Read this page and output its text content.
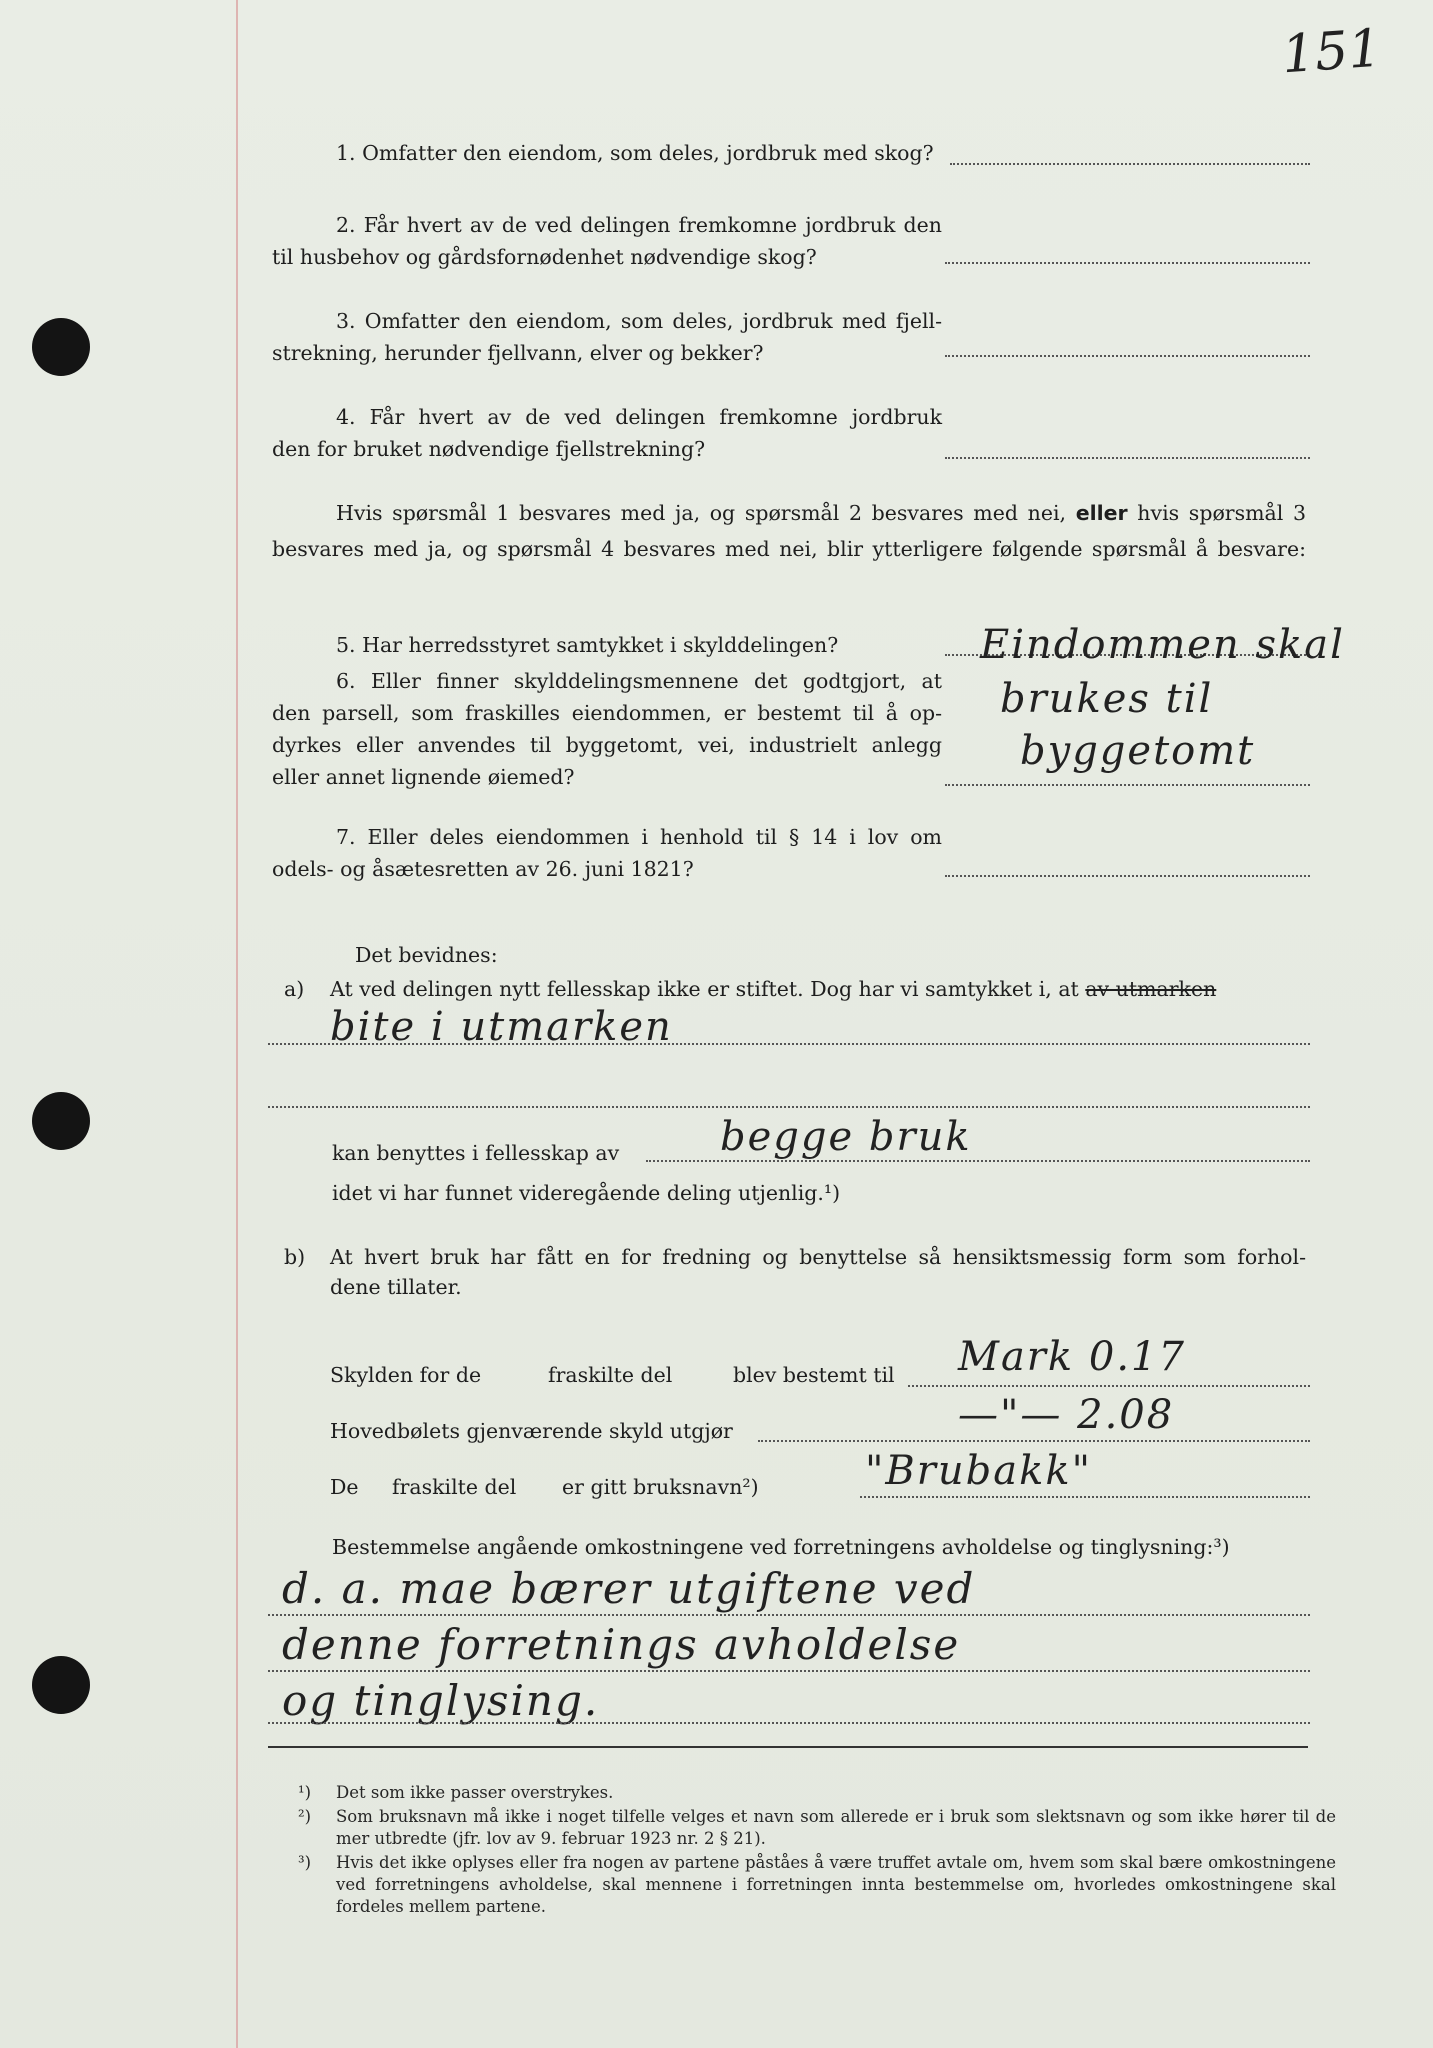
151
1. Omfatter den eiendom, som deles, jordbruk med skog?
2. Får hvert av de ved delingen fremkomne jordbruk den
til husbehov og gårdsfornødenhet nødvendige skog?
3. Omfatter den eiendom, som deles, jordbruk med fjell-
strekning, herunder fjellvann, elver og bekker?
4. Får hvert av de ved delingen fremkomne jordbruk
den for bruket nødvendige fjellstrekning?
Hvis spørsmål 1 besvares med ja, og spørsmål 2 besvares med nei, eller hvis spørsmål 3
besvares med ja, og spørsmål 4 besvares med nei, blir ytterligere følgende spørsmål å besvare:
5. Har herredsstyret samtykket i skylddelingen?
6. Eller finner skylddelingsmennene det godtgjort, at
den parsell, som fraskilles eiendommen, er bestemt til å op-
dyrkes eller anvendes til byggetomt, vei, industrielt anlegg
eller annet lignende øiemed?
Eindommen skal
brukes til
byggetomt
7. Eller deles eiendommen i henhold til § 14 i lov om
odels- og åsætesretten av 26. juni 1821?
Det bevidnes:
a) At ved delingen nytt fellesskap ikke er stiftet. Dog har vi samtykket i, at av utmarken
bite i utmarken
kan benyttes i fellesskap av	begge bruk
idet vi har funnet videregående deling utjenlig.¹)
b) At hvert bruk har fått en for fredning og benyttelse så hensiktsmessig form som forhol-
dene tillater.
Skylden for de	fraskilte del	blev bestemt til Mark 0.17
Hovedbølets gjenværende skyld utgjør	—"— 2.08
De fraskilte del er gitt bruksnavn²)	"Brubakk"
Bestemmelse angående omkostningene ved forretningens avholdelse og tinglysning:³)
d. a. mae bærer utgiftene ved
denne forretnings avholdelse
og tinglysing.
¹) Det som ikke passer overstrykes.
²) Som bruksnavn må ikke i noget tilfelle velges et navn som allerede er i bruk som slektsnavn og som ikke hører til de mer utbredte (jfr. lov av 9. februar 1923 nr. 2 § 21).
³) Hvis det ikke oplyses eller fra nogen av partene påståes å være truffet avtale om, hvem som skal bære omkostningene ved forretningens avholdelse, skal mennene i forretningen innta bestemmelse om, hvorledes omkostningene skal fordeles mellem partene.
